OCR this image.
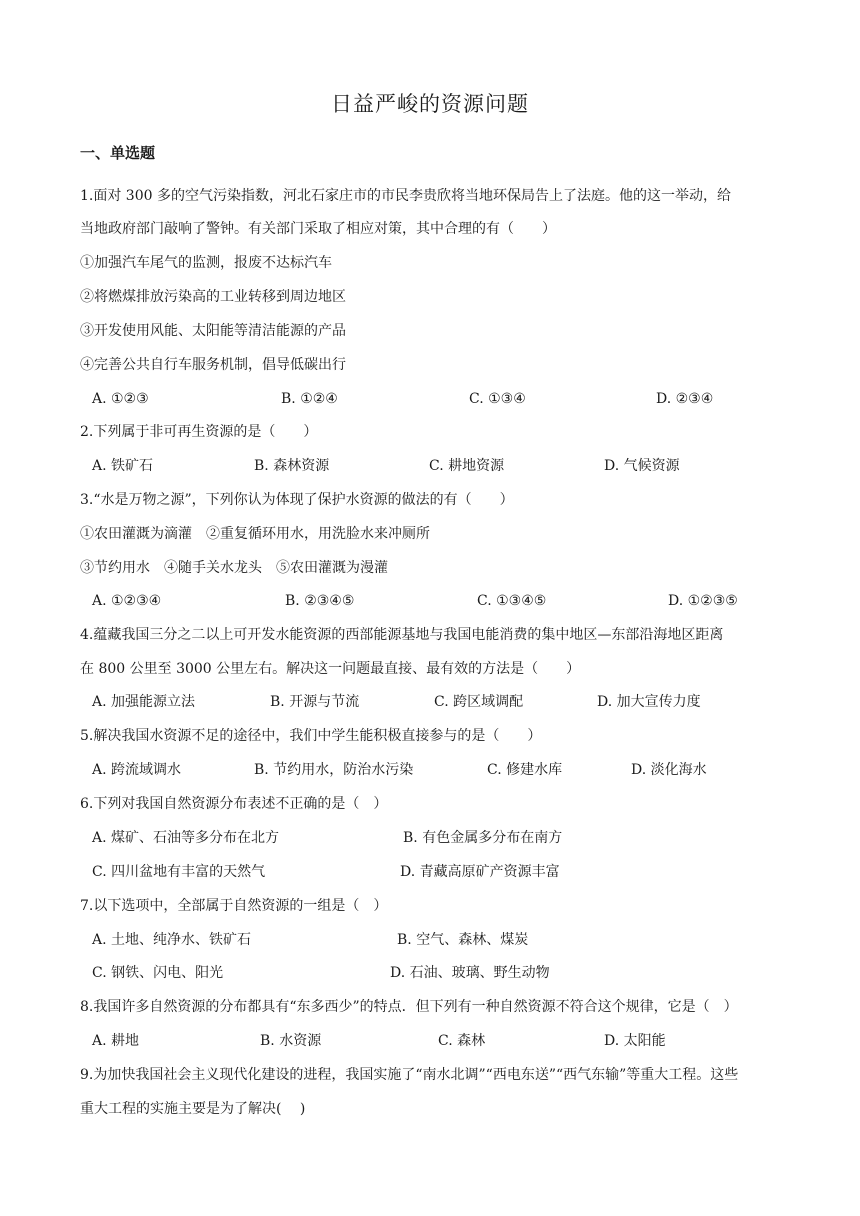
日益严峻的资源问题
一、单选题
1.面对 300 多的空气污染指数，河北石家庄市的市民李贵欣将当地环保局告上了法庭。他的这一举动，给
当地政府部门敲响了警钟。有关部门采取了相应对策，其中合理的有（　　）
①加强汽车尾气的监测，报废不达标汽车
②将燃煤排放污染高的工业转移到周边地区
③开发使用风能、太阳能等清洁能源的产品
④完善公共自行车服务机制，倡导低碳出行
A. ①②③	B. ①②④	C. ①③④	D. ②③④
2.下列属于非可再生资源的是（　　）
A. 铁矿石	B. 森林资源	C. 耕地资源	D. 气候资源
3.“水是万物之源”，下列你认为体现了保护水资源的做法的有（　　）
①农田灌溉为滴灌　②重复循环用水，用洗脸水来冲厕所
③节约用水　④随手关水龙头　⑤农田灌溉为漫灌
A. ①②③④	B. ②③④⑤	C. ①③④⑤	D. ①②③⑤
4.蕴藏我国三分之二以上可开发水能资源的西部能源基地与我国电能消费的集中地区—东部沿海地区距离
在 800 公里至 3000 公里左右。解决这一问题最直接、最有效的方法是（　　）
A. 加强能源立法	B. 开源与节流	C. 跨区域调配	D. 加大宣传力度
5.解决我国水资源不足的途径中，我们中学生能积极直接参与的是（　　）
A. 跨流域调水	B. 节约用水，防治水污染	C. 修建水库	D. 淡化海水
6.下列对我国自然资源分布表述不正确的是（　）
A. 煤矿、石油等多分布在北方	B. 有色金属多分布在南方
C. 四川盆地有丰富的天然气	D. 青藏高原矿产资源丰富
7.以下选项中，全部属于自然资源的一组是（　）
A. 土地、纯净水、铁矿石	B. 空气、森林、煤炭
C. 钢铁、闪电、阳光	D. 石油、玻璃、野生动物
8.我国许多自然资源的分布都具有“东多西少”的特点．但下列有一种自然资源不符合这个规律，它是（　）
A. 耕地	B. 水资源	C. 森林	D. 太阳能
9.为加快我国社会主义现代化建设的进程，我国实施了“南水北调”“西电东送”“西气东输”等重大工程。这些
重大工程的实施主要是为了解决(　 )
